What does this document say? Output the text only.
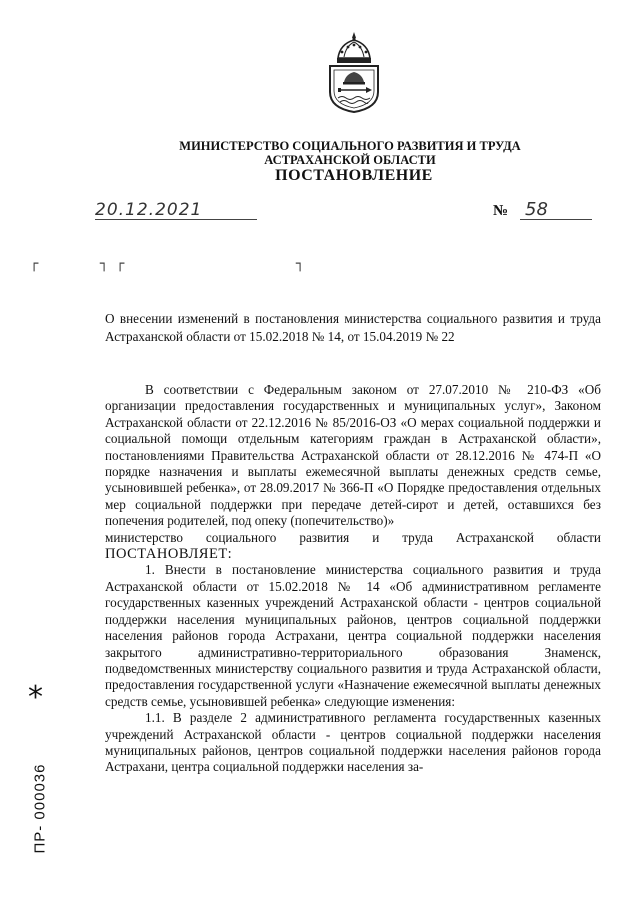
МИНИСТЕРСТВО СОЦИАЛЬНОГО РАЗВИТИЯ И ТРУДА
АСТРАХАНСКОЙ ОБЛАСТИ
ПОСТАНОВЛЕНИЕ
20.12.2021	№ 58
┌	┐ ┌	┐
О внесении изменений в постановления министерства социального развития и труда Астраханской области от 15.02.2018 № 14, от 15.04.2019 № 22

В соответствии с Федеральным законом от 27.07.2010 № 210-ФЗ «Об организации предоставления государственных и муниципальных услуг», Законом Астраханской области от 22.12.2016 № 85/2016-ОЗ «О мерах социальной поддержки и социальной помощи отдельным категориям граждан в Астраханской области», постановлениями Правительства Астраханской области от 28.12.2016 № 474-П «О порядке назначения и выплаты ежемесячной выплаты денежных средств семье, усыновившей ребенка», от 28.09.2017 № 366-П «О Порядке предоставления отдельных мер социальной поддержки при передаче детей-сирот и детей, оставшихся без попечения родителей, под опеку (попечительство)»

министерство социального развития и труда Астраханской области

ПОСТАНОВЛЯЕТ:

1. Внести в постановление министерства социального развития и труда Астраханской области от 15.02.2018 № 14 «Об административном регламенте государственных казенных учреждений Астраханской области - центров социальной поддержки населения муниципальных районов, центров социальной поддержки населения районов города Астрахани, центра социальной поддержки населения закрытого административно-территориального образования Знаменск, подведомственных министерству социального развития и труда Астраханской области, предоставления государственной услуги «Назначение ежемесячной выплаты денежных средств семье, усыновившей ребенка» следующие изменения:

1.1. В разделе 2 административного регламента государственных казенных учреждений Астраханской области - центров социальной поддержки населения муниципальных районов, центров социальной поддержки населения районов города Астрахани, центра социальной поддержки населения за-

*
ПР- 000036
